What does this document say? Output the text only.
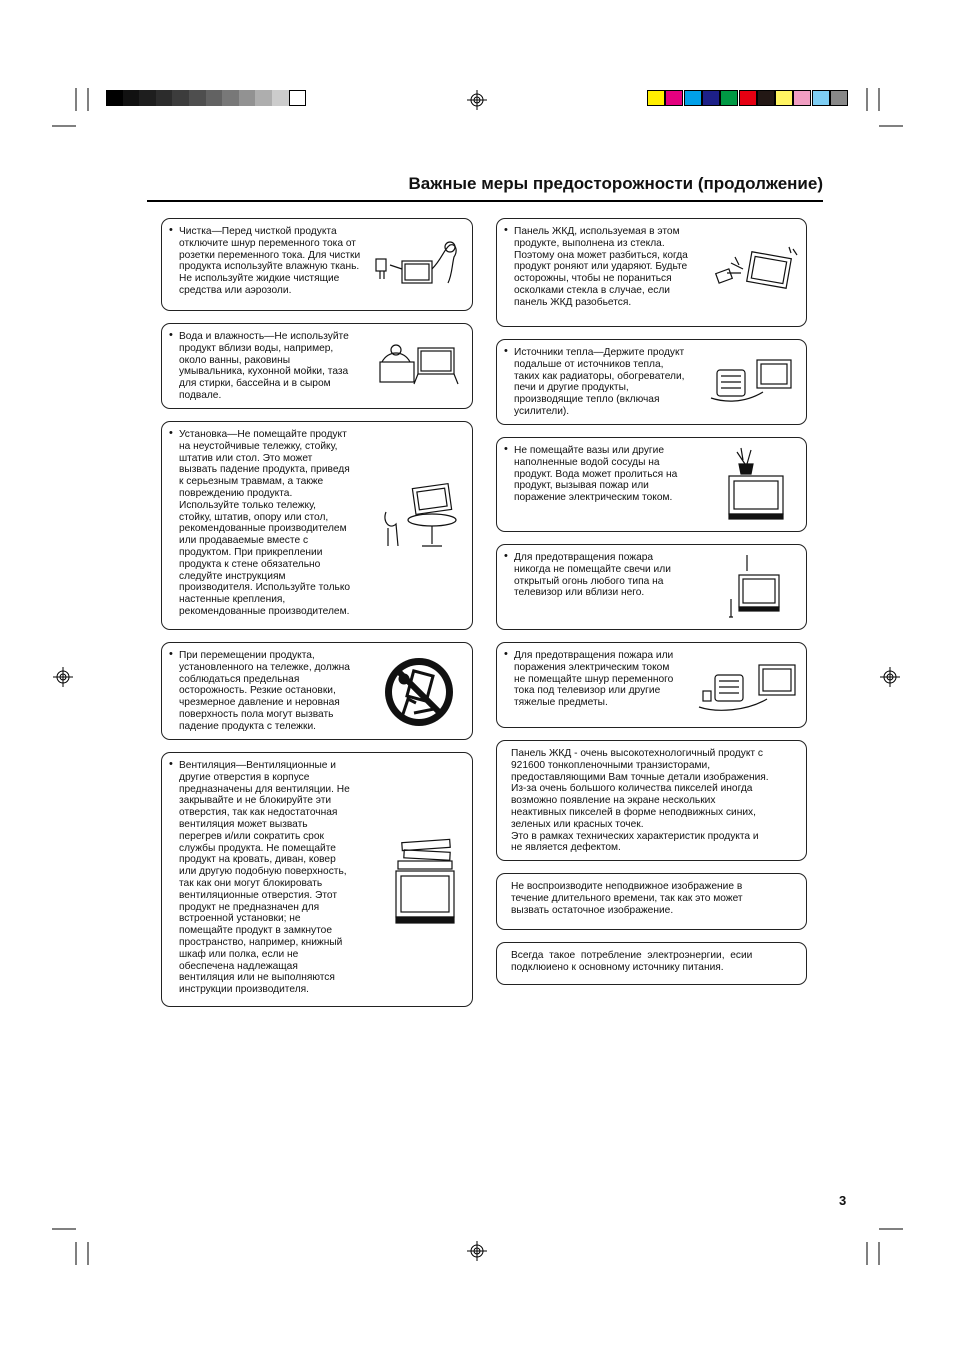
Важные меры предосторожности (продолжение)
• Чистка—Перед чисткой продукта
отключите шнур переменного тока от
розетки переменного тока. Для чистки
продукта используйте влажную ткань.
Не используйте жидкие чистящие
средства или аэрозоли.
• Вода и влажность—Не используйте
продукт вблизи воды, например,
около ванны, раковины
умывальника, кухонной мойки, таза
для стирки, бассейна и в сыром
подвале.
• Установка—Не помещайте продукт
на неустойчивые тележку, стойку,
штатив или стол. Это может
вызвать падение продукта, приведя
к серьезным травмам, а также
повреждению продукта.
Используйте только тележку,
стойку, штатив, опору или стол,
рекомендованные производителем
или продаваемые вместе с
продуктом. При прикреплении
продукта к стене обязательно
следуйте инструкциям
производителя. Используйте только
настенные крепления,
рекомендованные производителем.
• При перемещении продукта,
установленного на тележке, должна
соблюдаться предельная
осторожность. Резкие остановки,
чрезмерное давление и неровная
поверхность пола могут вызвать
падение продукта с тележки.
• Вентиляция—Вентиляционные и
другие отверстия в корпусе
предназначены для вентиляции. Не
закрывайте и не блокируйте эти
отверстия, так как недостаточная
вентиляция может вызвать
перегрев и/или сократить срок
службы продукта. Не помещайте
продукт на кровать, диван, ковер
или другую подобную поверхность,
так как они могут блокировать
вентиляционные отверстия. Этот
продукт не предназначен для
встроенной установки; не
помещайте продукт в замкнутое
пространство, например, книжный
шкаф или полка, если не
обеспечена надлежащая
вентиляция или не выполняются
инструкции производителя.
• Панель ЖКД, используемая в этом
продукте, выполнена из стекла.
Поэтому она может разбиться, когда
продукт роняют или ударяют. Будьте
осторожны, чтобы не пораниться
осколками стекла в случае, если
панель ЖКД разобьется.
• Источники тепла—Держите продукт
подальше от источников тепла,
таких как радиаторы, обогреватели,
печи и другие продукты,
производящие тепло (включая
усилители).
• Не помещайте вазы или другие
наполненные водой сосуды на
продукт. Вода может пролиться на
продукт, вызывая пожар или
поражение электрическим током.
• Для предотвращения пожара
никогда не помещайте свечи или
открытый огонь любого типа на
телевизор или вблизи него.
• Для предотвращения пожара или
поражения электрическим током
не помещайте шнур переменного
тока под телевизор или другие
тяжелые предметы.
Панель ЖКД - очень высокотехнологичный продукт с
921600 тонкопленочными транзисторами,
предоставляющими Вам точные детали изображения.
Из-за очень большого количества пикселей иногда
возможно появление на экране нескольких
неактивных пикселей в форме неподвижных синих,
зеленых или красных точек.
Это в рамках технических характеристик продукта и
не является дефектом.
Не воспроизводите неподвижное изображение в
течение длительного времени, так как это может
вызвать остаточное изображение.
Всегда  такое  потребление  электроэнергии,  есии
подклюиено к основному источнику питания.
3
